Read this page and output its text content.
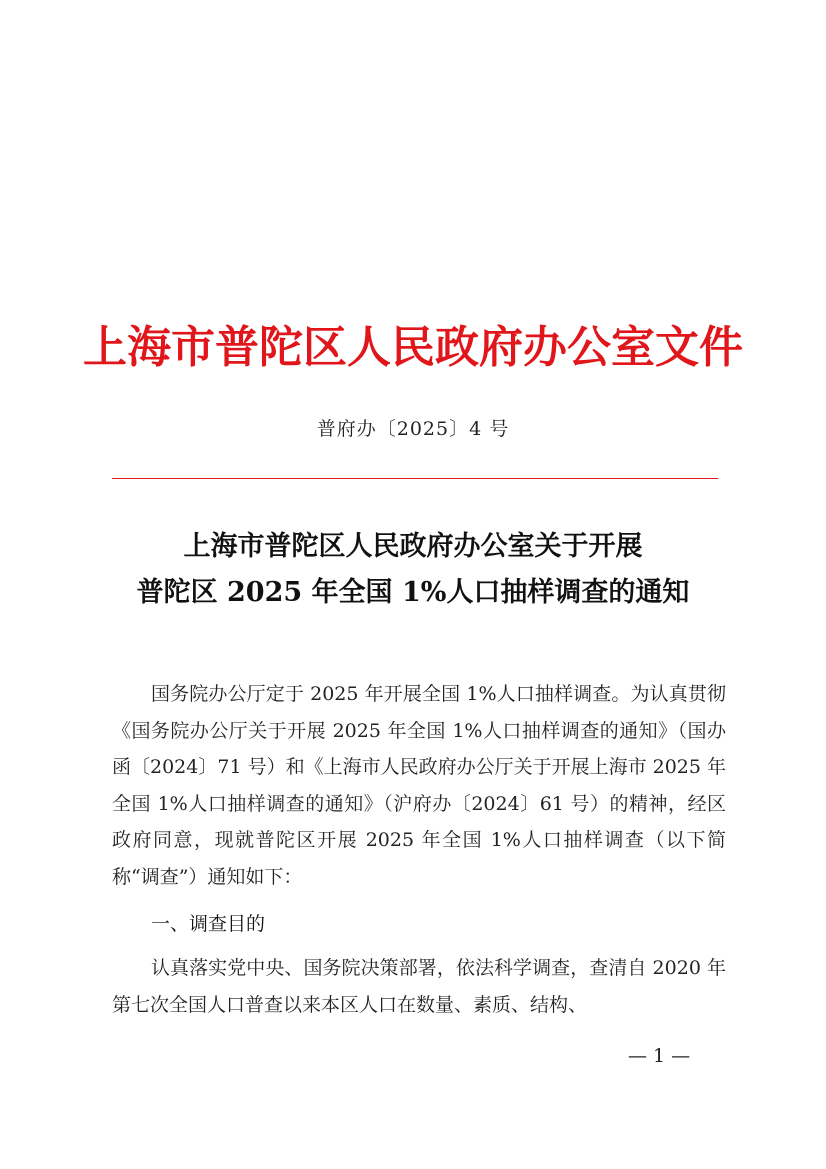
上海市普陀区人民政府办公室文件
普府办〔2025〕4 号
上海市普陀区人民政府办公室关于开展
普陀区 2025 年全国 1%人口抽样调查的通知
国务院办公厅定于 2025 年开展全国 1%人口抽样调查。为认真贯彻《国务院办公厅关于开展 2025 年全国 1%人口抽样调查的通知》（国办函〔2024〕71 号）和《上海市人民政府办公厅关于开展上海市 2025 年全国 1%人口抽样调查的通知》（沪府办〔2024〕61 号）的精神，经区政府同意，现就普陀区开展 2025 年全国 1%人口抽样调查（以下简称“调查”）通知如下：
一、调查目的
认真落实党中央、国务院决策部署，依法科学调查，查清自 2020 年第七次全国人口普查以来本区人口在数量、素质、结构、
— 1 —
